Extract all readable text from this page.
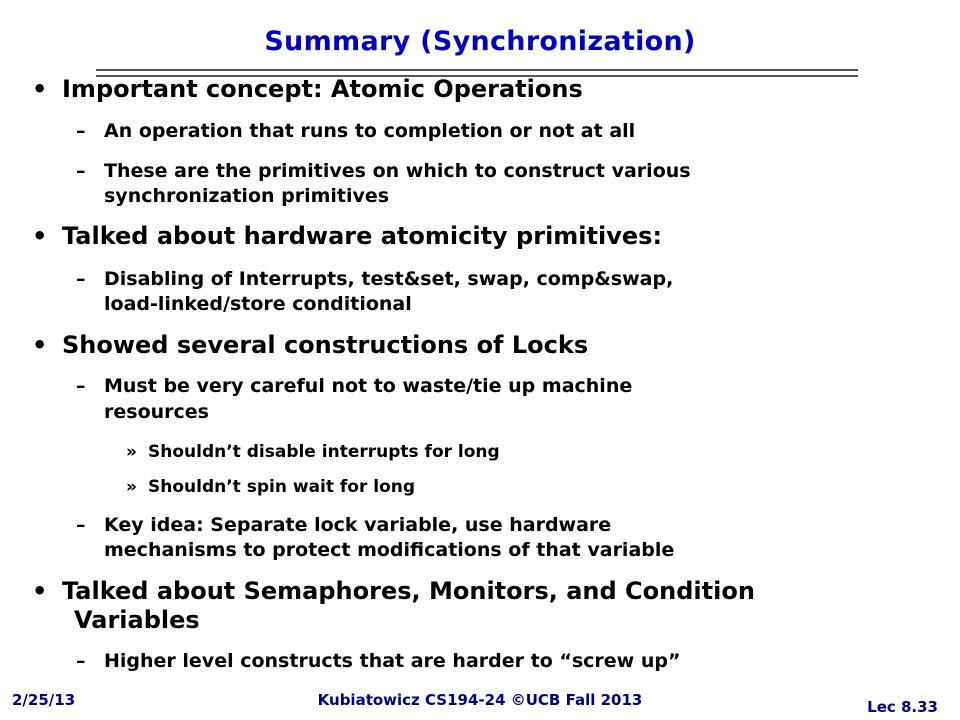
Summary (Synchronization)
• Important concept: Atomic Operations
– An operation that runs to completion or not at all
– These are the primitives on which to construct various
synchronization primitives
• Talked about hardware atomicity primitives:
– Disabling of Interrupts, test&set, swap, comp&swap,
load-linked/store conditional
• Showed several constructions of Locks
– Must be very careful not to waste/tie up machine
resources
» Shouldn’t disable interrupts for long
» Shouldn’t spin wait for long
– Key idea: Separate lock variable, use hardware
mechanisms to protect modifications of that variable
• Talked about Semaphores, Monitors, and Condition
Variables
– Higher level constructs that are harder to “screw up”
2/25/13	Kubiatowicz CS194-24 ©UCB Fall 2013	Lec 8.33
